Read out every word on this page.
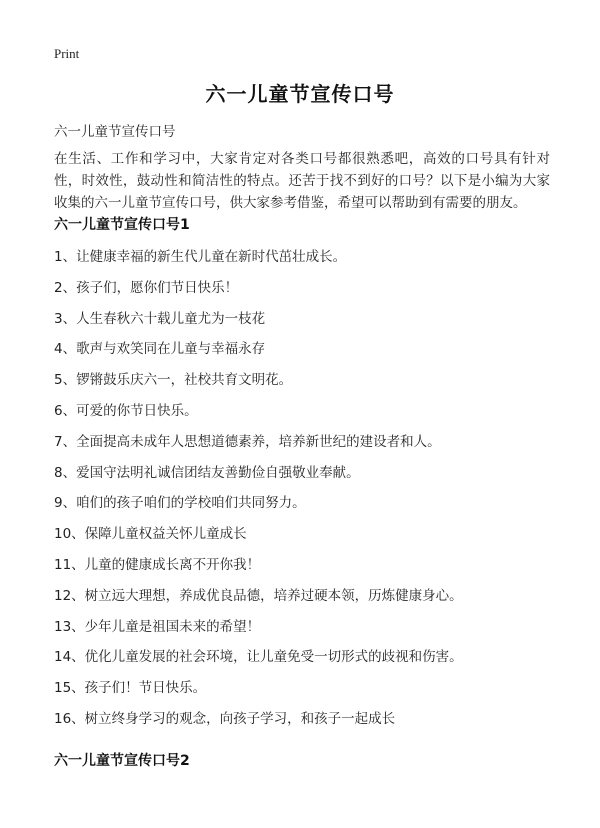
Print
六一儿童节宣传口号
六一儿童节宣传口号
在生活、工作和学习中，大家肯定对各类口号都很熟悉吧，高效的口号具有针对性，时效性，鼓动性和简洁性的特点。还苦于找不到好的口号？以下是小编为大家收集的六一儿童节宣传口号，供大家参考借鉴，希望可以帮助到有需要的朋友。
六一儿童节宣传口号1
1、让健康幸福的新生代儿童在新时代茁壮成长。
2、孩子们，愿你们节日快乐！
3、人生春秋六十载儿童尤为一枝花
4、歌声与欢笑同在儿童与幸福永存
5、锣锵鼓乐庆六一，社校共育文明花。
6、可爱的你节日快乐。
7、全面提高未成年人思想道德素养，培养新世纪的建设者和人。
8、爱国守法明礼诚信团结友善勤俭自强敬业奉献。
9、咱们的孩子咱们的学校咱们共同努力。
10、保障儿童权益关怀儿童成长
11、儿童的健康成长离不开你我！
12、树立远大理想，养成优良品德，培养过硬本领，历炼健康身心。
13、少年儿童是祖国未来的希望！
14、优化儿童发展的社会环境，让儿童免受一切形式的歧视和伤害。
15、孩子们！节日快乐。
16、树立终身学习的观念，向孩子学习，和孩子一起成长
六一儿童节宣传口号2
